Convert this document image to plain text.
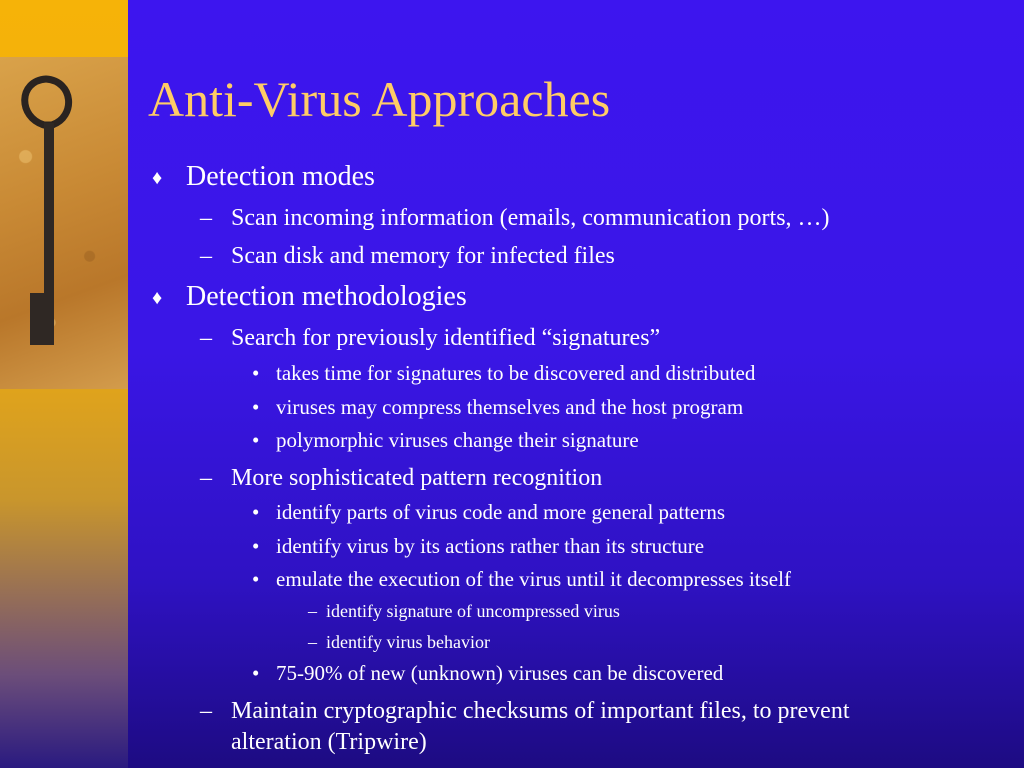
Anti-Virus Approaches
♦ Detection modes
– Scan incoming information (emails, communication ports, …)
– Scan disk and memory for infected files
♦ Detection methodologies
– Search for previously identified “signatures”
• takes time for signatures to be discovered and distributed
• viruses may compress themselves and the host program
• polymorphic viruses change their signature
– More sophisticated pattern recognition
• identify parts of virus code and more general patterns
• identify virus by its actions rather than its structure
• emulate the execution of the virus until it decompresses itself
– identify signature of uncompressed virus
– identify virus behavior
• 75-90% of new (unknown) viruses can be discovered
– Maintain cryptographic checksums of important files, to prevent
alteration (Tripwire)
